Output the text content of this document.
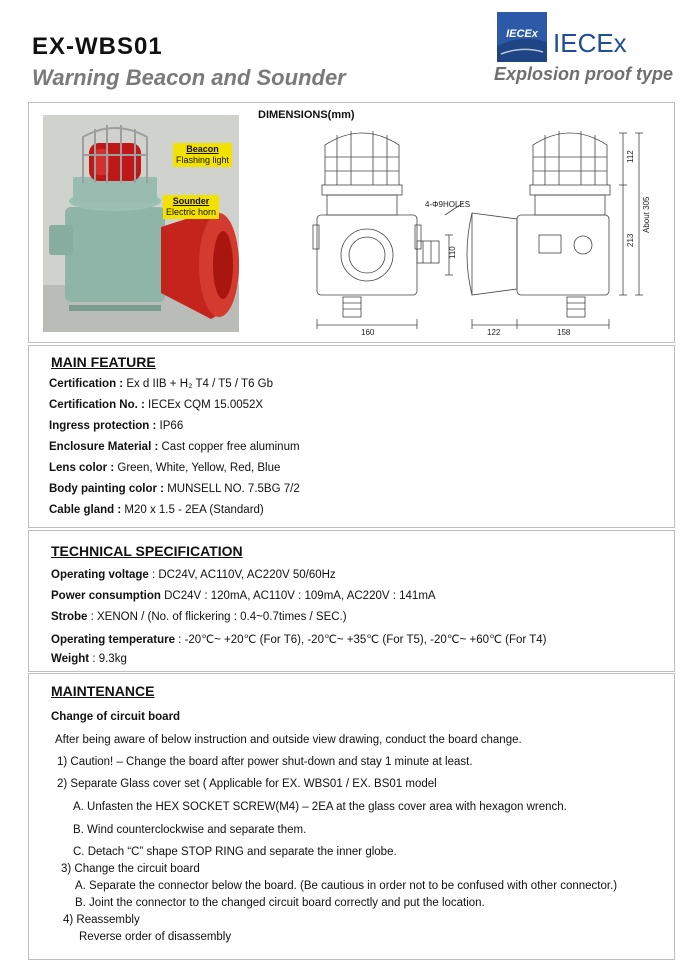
EX-WBS01
Warning Beacon and Sounder
IECEx IECEx
Explosion proof type
Beacon
Flashing light
Sounder
Electric horn
DIMENSIONS(mm)
4-Φ9HOLES
110
112
213
About 305
160	122	158
MAIN FEATURE
Certification : Ex d IIB + H₂ T4 / T5 / T6 Gb
Certification No. : IECEx CQM 15.0052X
Ingress protection : IP66
Enclosure Material : Cast copper free aluminum
Lens color : Green, White, Yellow, Red, Blue
Body painting color : MUNSELL NO. 7.5BG 7/2
Cable gland : M20 x 1.5 - 2EA (Standard)
TECHNICAL SPECIFICATION
Operating voltage : DC24V, AC110V, AC220V 50/60Hz
Power consumption DC24V : 120mA, AC110V : 109mA, AC220V : 141mA
Strobe : XENON / (No. of flickering : 0.4~0.7times / SEC.)
Operating temperature : -20℃~ +20℃ (For T6), -20℃~ +35℃ (For T5), -20℃~ +60℃ (For T4)
Weight : 9.3kg
MAINTENANCE
Change of circuit board
After being aware of below instruction and outside view drawing, conduct the board change.
1) Caution! – Change the board after power shut-down and stay 1 minute at least.
2) Separate Glass cover set ( Applicable for EX. WBS01 / EX. BS01 model
A. Unfasten the HEX SOCKET SCREW(M4) – 2EA at the glass cover area with hexagon wrench.
B. Wind counterclockwise and separate them.
C. Detach “C” shape STOP RING and separate the inner globe.
3) Change the circuit board
A. Separate the connector below the board. (Be cautious in order not to be confused with other connector.)
B. Joint the connector to the changed circuit board correctly and put the location.
4) Reassembly
Reverse order of disassembly
